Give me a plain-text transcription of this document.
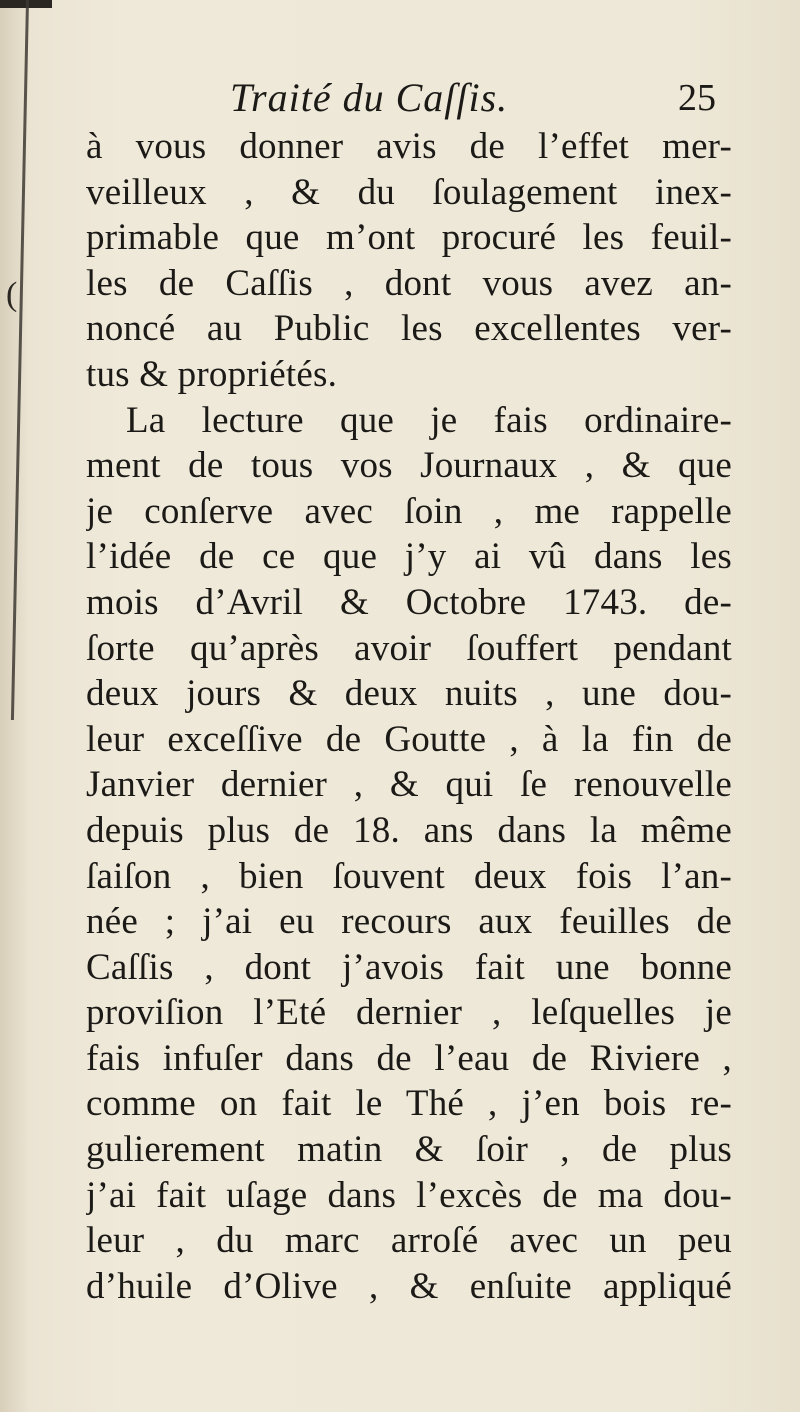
(
Traité du Caſſis.	25
à vous donner avis de l’effet mer-
veilleux , & du ſoulagement inex-
primable que m’ont procuré les feuil-
les de Caſſis , dont vous avez an-
noncé au Public les excellentes ver-
tus & propriétés.
La lecture que je fais ordinaire-
ment de tous vos Journaux , & que
je conſerve avec ſoin , me rappelle
l’idée de ce que j’y ai vû dans les
mois d’Avril & Octobre 1743. de-
ſorte qu’après avoir ſouffert pendant
deux jours & deux nuits , une dou-
leur exceſſive de Goutte , à la fin de
Janvier dernier , & qui ſe renouvelle
depuis plus de 18. ans dans la même
ſaiſon , bien ſouvent deux fois l’an-
née ; j’ai eu recours aux feuilles de
Caſſis , dont j’avois fait une bonne
proviſion l’Eté dernier , leſquelles je
fais infuſer dans de l’eau de Riviere ,
comme on fait le Thé , j’en bois re-
gulierement matin & ſoir , de plus
j’ai fait uſage dans l’excès de ma dou-
leur , du marc arroſé avec un peu
d’huile d’Olive , & enſuite appliqué
